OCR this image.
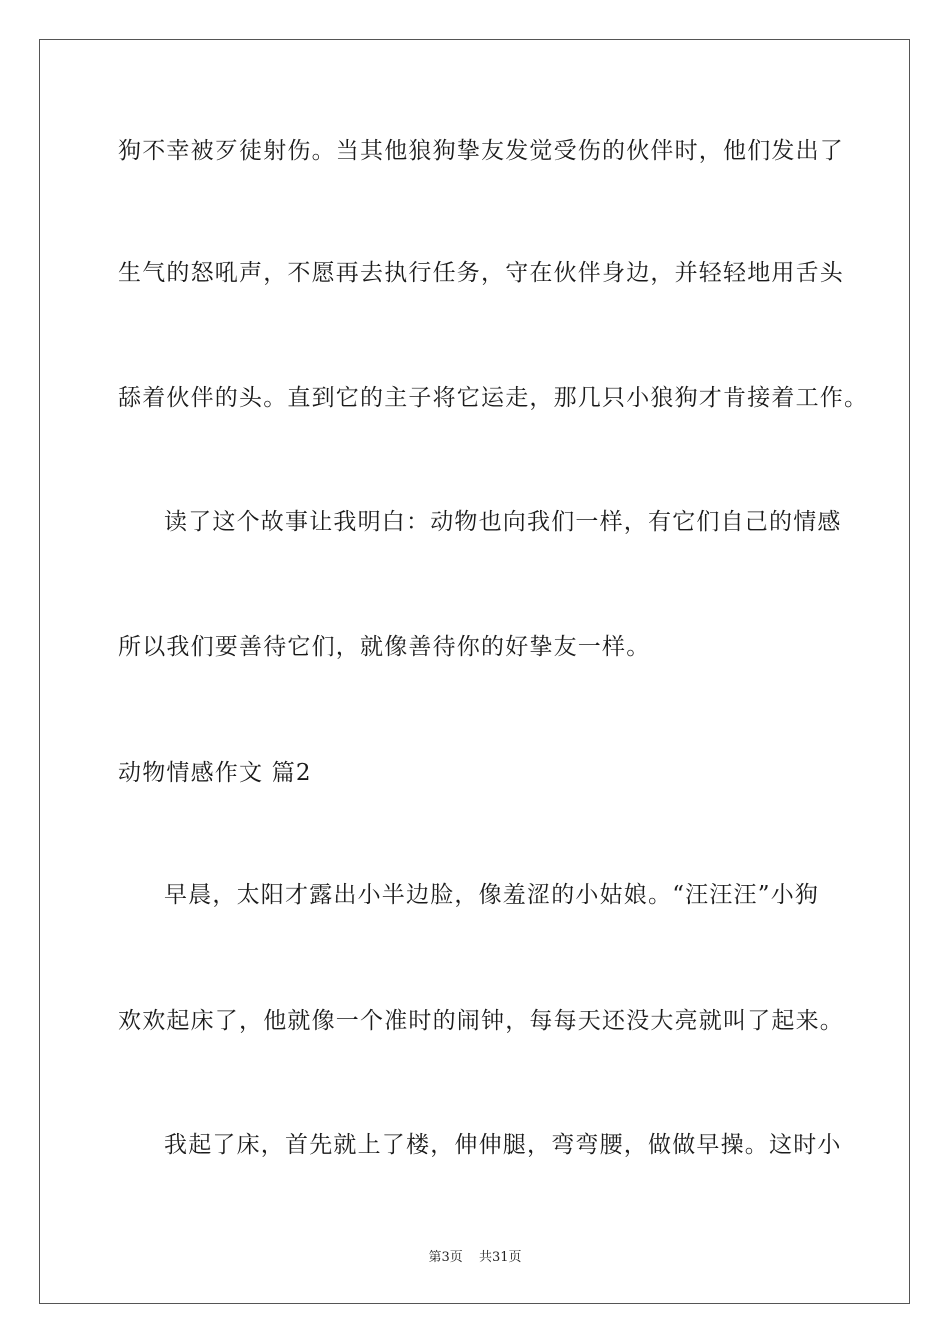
狗不幸被歹徒射伤。当其他狼狗挚友发觉受伤的伙伴时，他们发出了
生气的怒吼声，不愿再去执行任务，守在伙伴身边，并轻轻地用舌头
舔着伙伴的头。直到它的主子将它运走，那几只小狼狗才肯接着工作。
读了这个故事让我明白：动物也向我们一样，有它们自己的情感
所以我们要善待它们，就像善待你的好挚友一样。
动物情感作文 篇2
早晨，太阳才露出小半边脸，像羞涩的小姑娘。“汪汪汪”小狗
欢欢起床了，他就像一个准时的闹钟，每每天还没大亮就叫了起来。
我起了床，首先就上了楼，伸伸腿，弯弯腰，做做早操。这时小
第3页 共31页
